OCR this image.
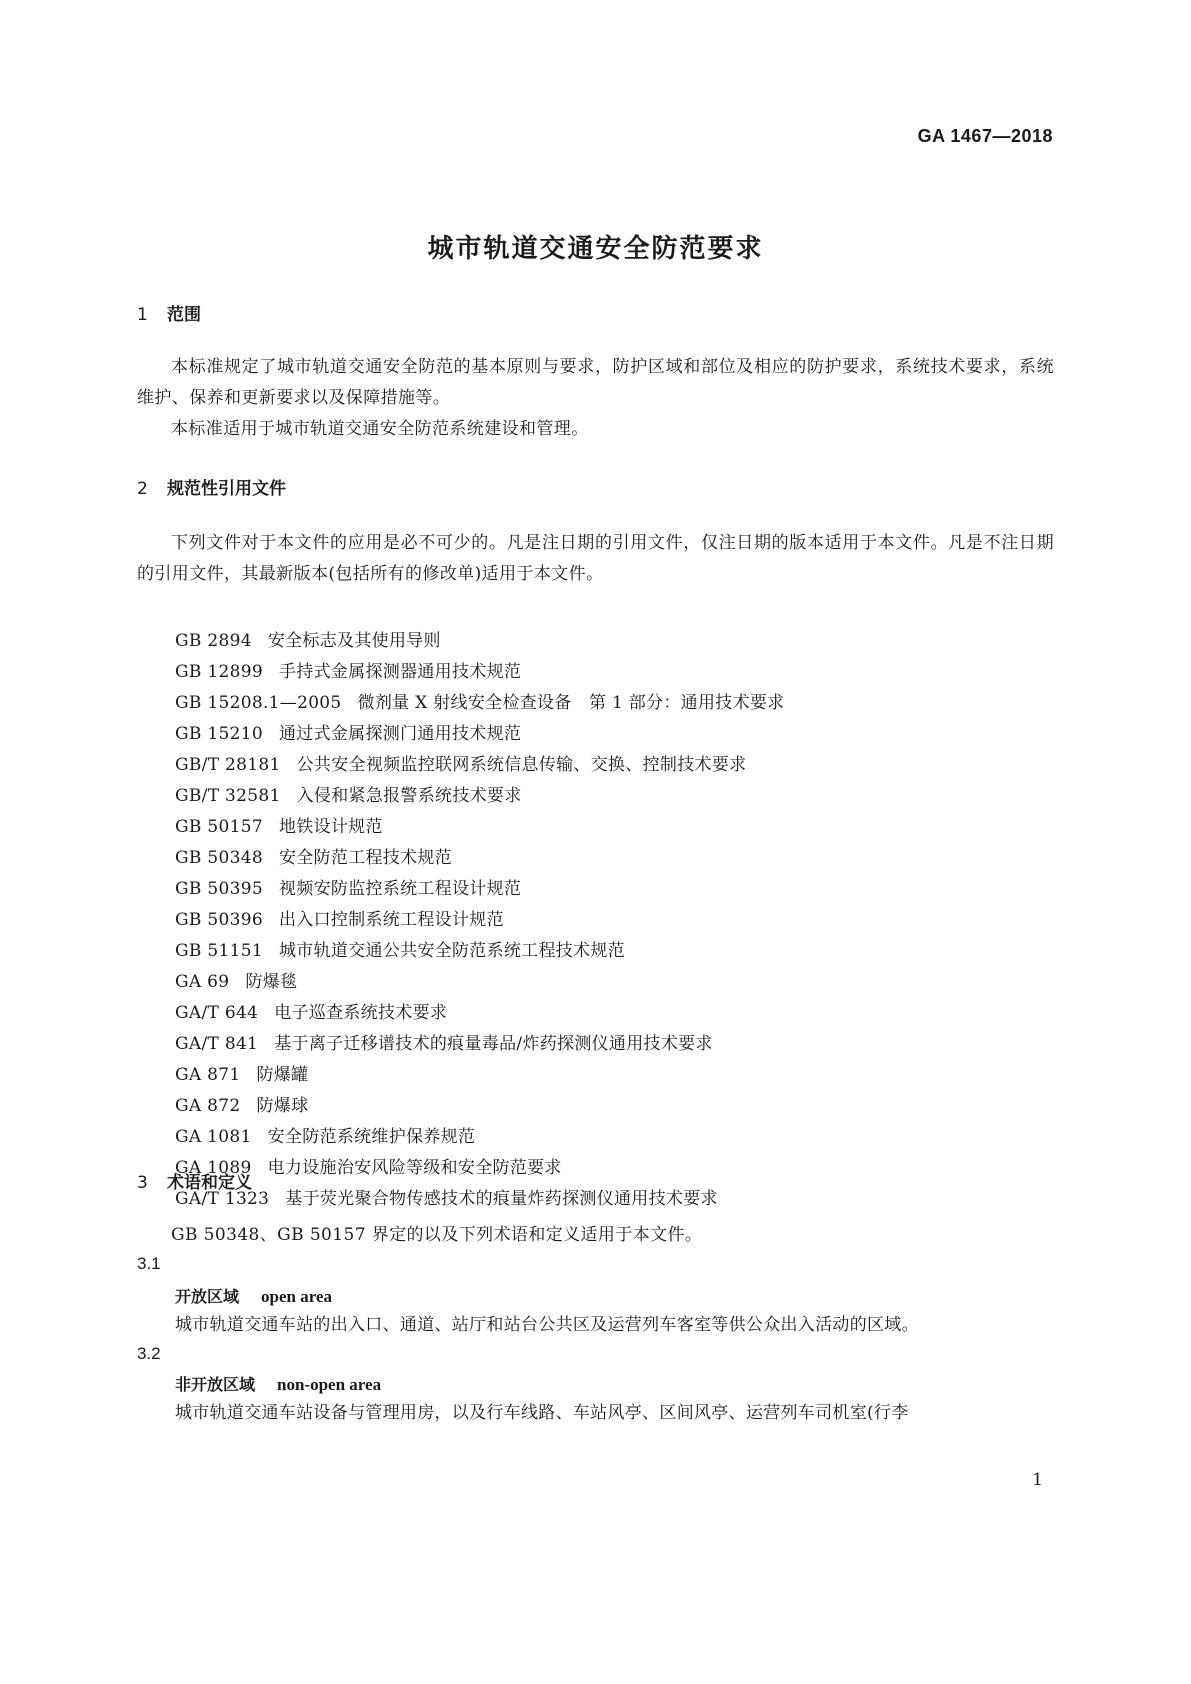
GA 1467—2018
城市轨道交通安全防范要求
1 范围
本标准规定了城市轨道交通安全防范的基本原则与要求，防护区域和部位及相应的防护要求，系统技术要求，系统维护、保养和更新要求以及保障措施等。
本标准适用于城市轨道交通安全防范系统建设和管理。
2 规范性引用文件
下列文件对于本文件的应用是必不可少的。凡是注日期的引用文件，仅注日期的版本适用于本文件。凡是不注日期的引用文件，其最新版本(包括所有的修改单)适用于本文件。
GB 2894 安全标志及其使用导则
GB 12899 手持式金属探测器通用技术规范
GB 15208.1—2005 微剂量 X 射线安全检查设备　第 1 部分：通用技术要求
GB 15210 通过式金属探测门通用技术规范
GB/T 28181 公共安全视频监控联网系统信息传输、交换、控制技术要求
GB/T 32581 入侵和紧急报警系统技术要求
GB 50157 地铁设计规范
GB 50348 安全防范工程技术规范
GB 50395 视频安防监控系统工程设计规范
GB 50396 出入口控制系统工程设计规范
GB 51151 城市轨道交通公共安全防范系统工程技术规范
GA 69 防爆毯
GA/T 644 电子巡查系统技术要求
GA/T 841 基于离子迁移谱技术的痕量毒品/炸药探测仪通用技术要求
GA 871 防爆罐
GA 872 防爆球
GA 1081 安全防范系统维护保养规范
GA 1089 电力设施治安风险等级和安全防范要求
GA/T 1323 基于荧光聚合物传感技术的痕量炸药探测仪通用技术要求
3 术语和定义
GB 50348、GB 50157 界定的以及下列术语和定义适用于本文件。
3.1
开放区域 open area
城市轨道交通车站的出入口、通道、站厅和站台公共区及运营列车客室等供公众出入活动的区域。
3.2
非开放区域 non-open area
城市轨道交通车站设备与管理用房，以及行车线路、车站风亭、区间风亭、运营列车司机室(行李
1
